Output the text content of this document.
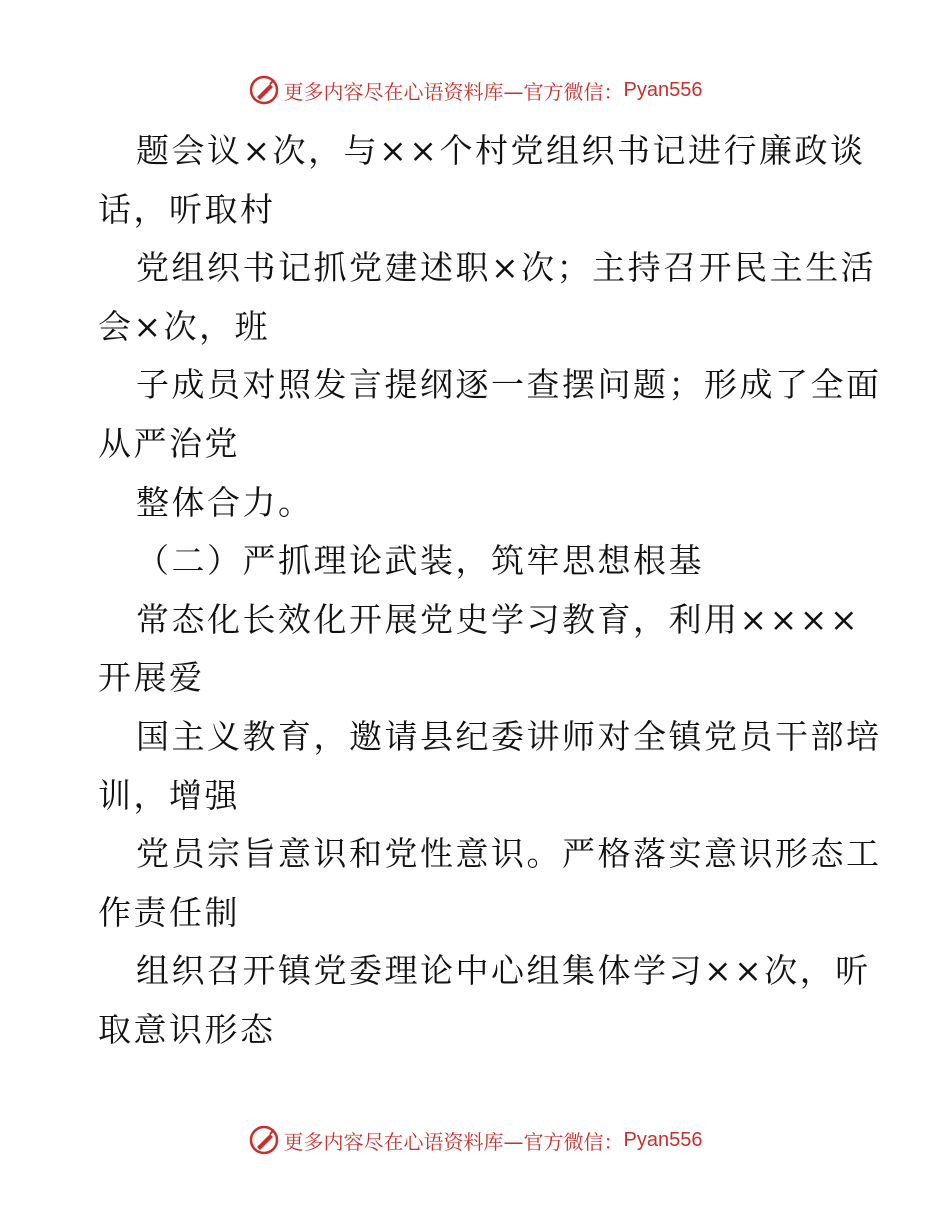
更多内容尽在心语资料库—官方微信： Pyan556
题会议×次，与××个村党组织书记进行廉政谈
话，听取村
党组织书记抓党建述职×次；主持召开民主生活
会×次，班
子成员对照发言提纲逐一查摆问题；形成了全面
从严治党
整体合力。
（二）严抓理论武装，筑牢思想根基
常态化长效化开展党史学习教育，利用××××
开展爱
国主义教育，邀请县纪委讲师对全镇党员干部培
训，增强
党员宗旨意识和党性意识。严格落实意识形态工
作责任制
组织召开镇党委理论中心组集体学习××次，听
取意识形态
更多内容尽在心语资料库—官方微信： Pyan556
